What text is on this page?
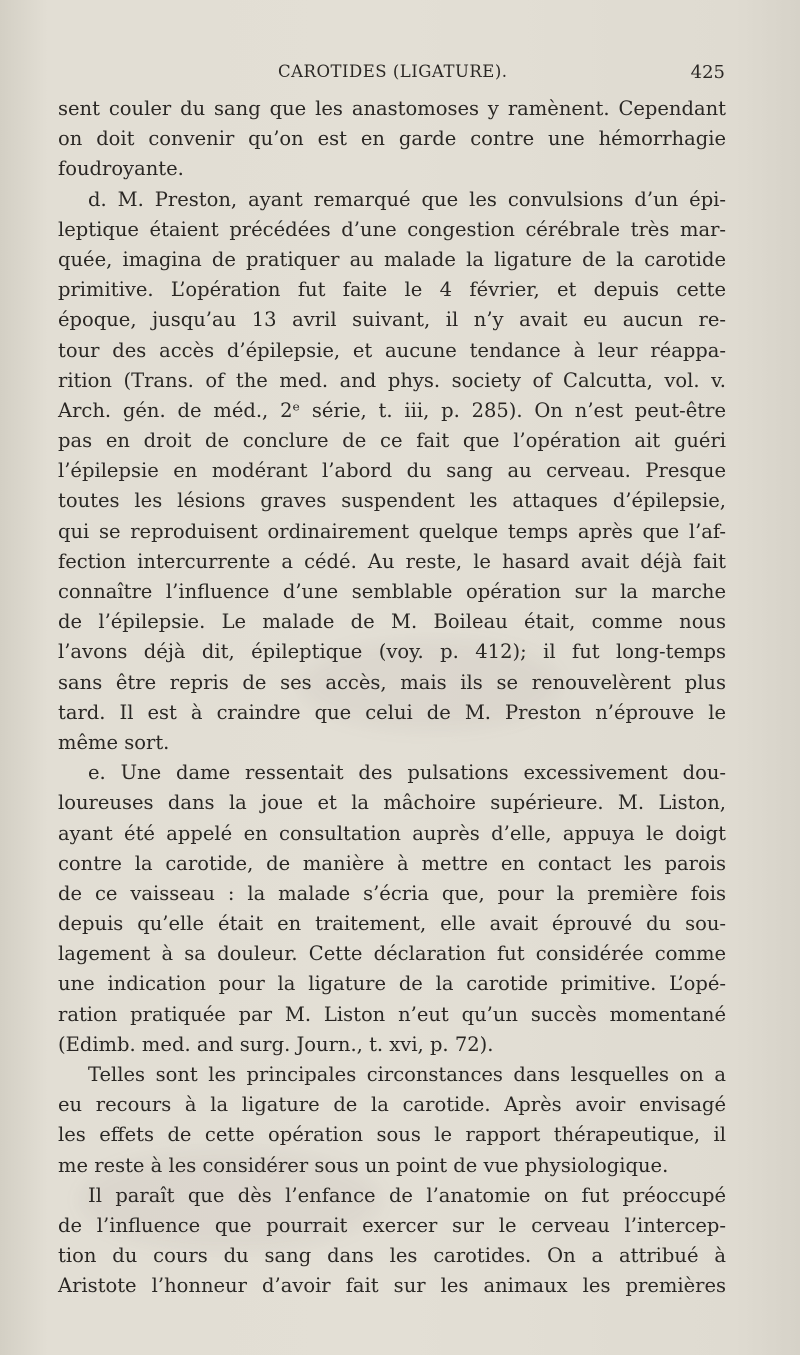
CAROTIDES (LIGATURE).	425
sent couler du sang que les anastomoses y ramènent. Cependant
on doit convenir qu’on est en garde contre une hémorrhagie
foudroyante.
d. M. Preston, ayant remarqué que les convulsions d’un épi-
leptique étaient précédées d’une congestion cérébrale très mar-
quée, imagina de pratiquer au malade la ligature de la carotide
primitive. L’opération fut faite le 4 février, et depuis cette
époque, jusqu’au 13 avril suivant, il n’y avait eu aucun re-
tour des accès d’épilepsie, et aucune tendance à leur réappa-
rition (Trans. of the med. and phys. society of Calcutta, vol. v.
Arch. gén. de méd., 2ᵉ série, t. iii, p. 285). On n’est peut-être
pas en droit de conclure de ce fait que l’opération ait guéri
l’épilepsie en modérant l’abord du sang au cerveau. Presque
toutes les lésions graves suspendent les attaques d’épilepsie,
qui se reproduisent ordinairement quelque temps après que l’af-
fection intercurrente a cédé. Au reste, le hasard avait déjà fait
connaître l’influence d’une semblable opération sur la marche
de l’épilepsie. Le malade de M. Boileau était, comme nous
l’avons déjà dit, épileptique (voy. p. 412); il fut long-temps
sans être repris de ses accès, mais ils se renouvelèrent plus
tard. Il est à craindre que celui de M. Preston n’éprouve le
même sort.
e. Une dame ressentait des pulsations excessivement dou-
loureuses dans la joue et la mâchoire supérieure. M. Liston,
ayant été appelé en consultation auprès d’elle, appuya le doigt
contre la carotide, de manière à mettre en contact les parois
de ce vaisseau : la malade s’écria que, pour la première fois
depuis qu’elle était en traitement, elle avait éprouvé du sou-
lagement à sa douleur. Cette déclaration fut considérée comme
une indication pour la ligature de la carotide primitive. L’opé-
ration pratiquée par M. Liston n’eut qu’un succès momentané
(Edimb. med. and surg. Journ., t. xvi, p. 72).
Telles sont les principales circonstances dans lesquelles on a
eu recours à la ligature de la carotide. Après avoir envisagé
les effets de cette opération sous le rapport thérapeutique, il
me reste à les considérer sous un point de vue physiologique.
Il paraît que dès l’enfance de l’anatomie on fut préoccupé
de l’influence que pourrait exercer sur le cerveau l’intercep-
tion du cours du sang dans les carotides. On a attribué à
Aristote l’honneur d’avoir fait sur les animaux les premières
